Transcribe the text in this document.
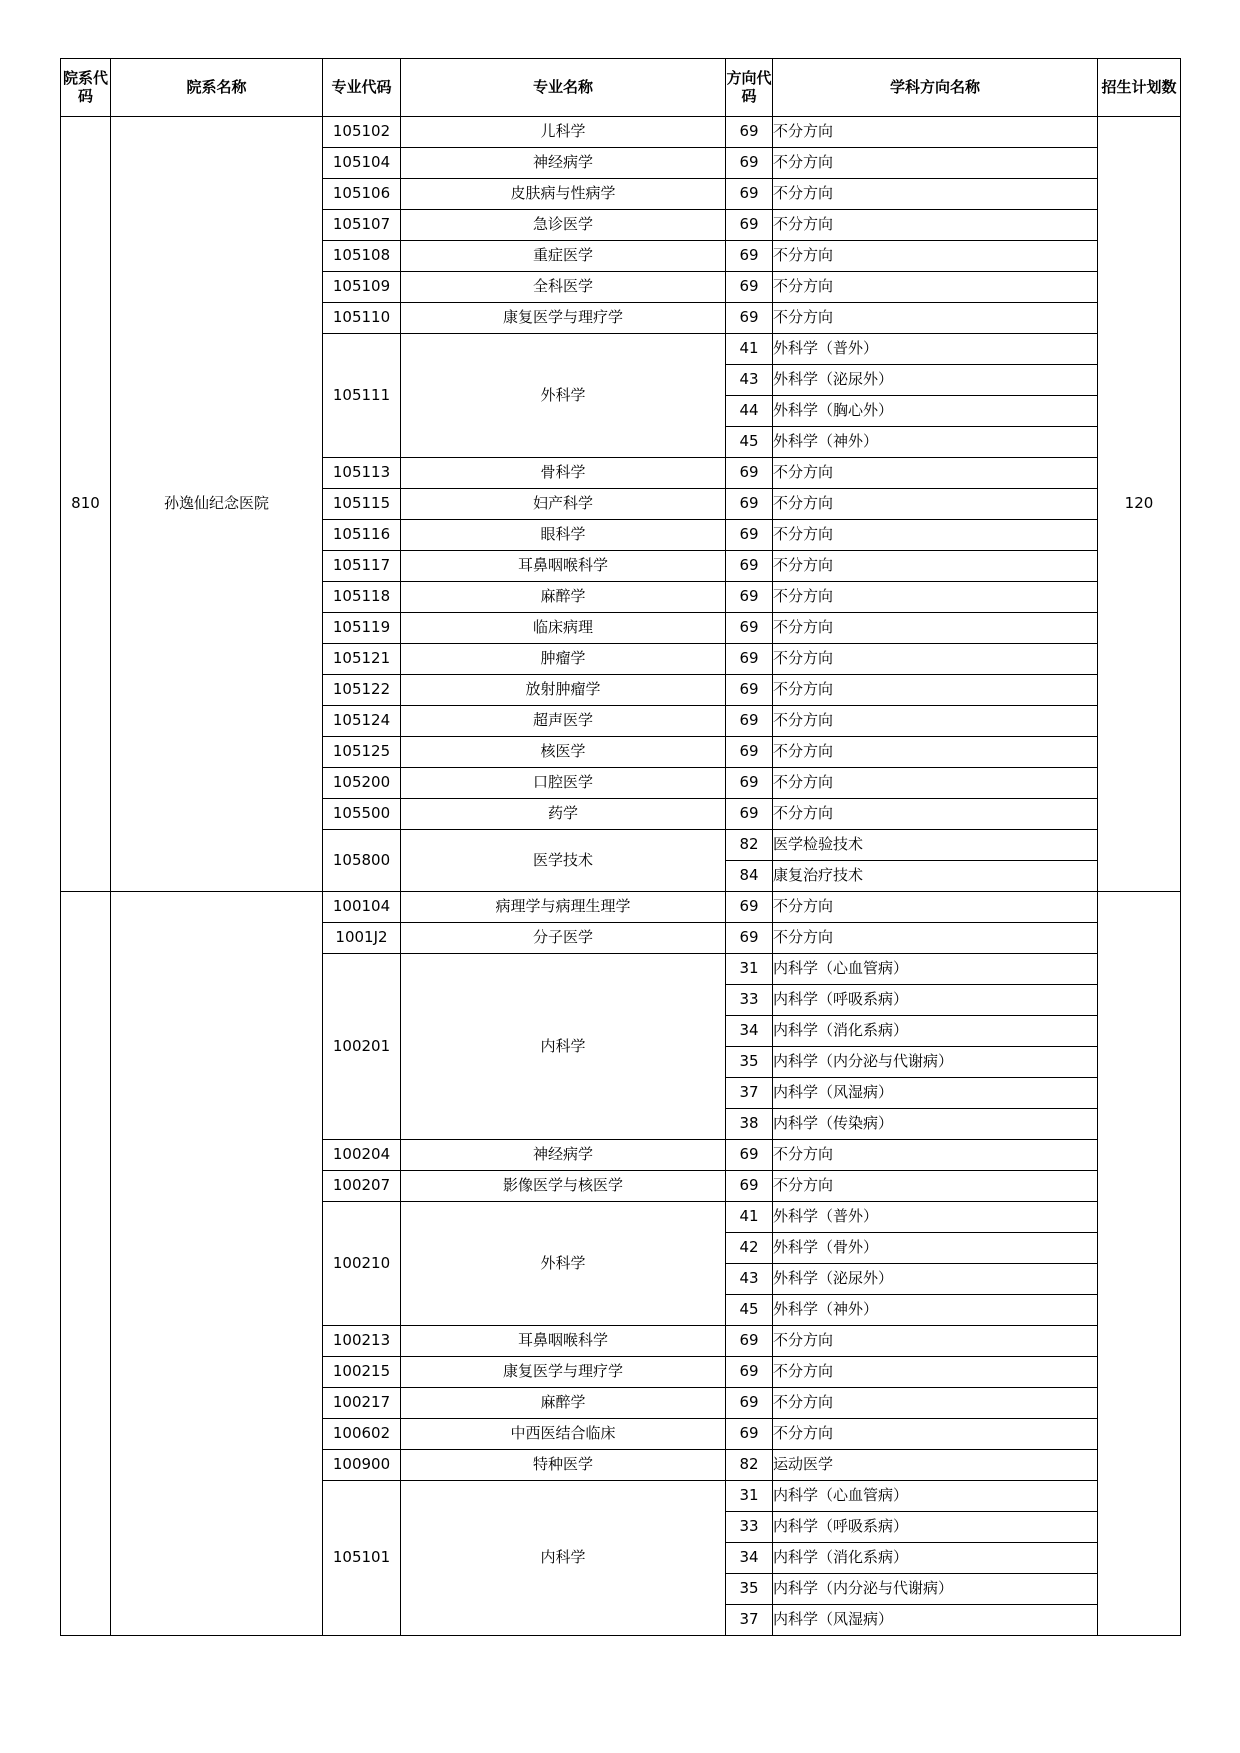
院系代码	院系名称	专业代码	专业名称	方向代码	学科方向名称	招生计划数
810	孙逸仙纪念医院	105102	儿科学	69	不分方向	120
		105104	神经病学	69	不分方向	
		105106	皮肤病与性病学	69	不分方向	
		105107	急诊医学	69	不分方向	
		105108	重症医学	69	不分方向	
		105109	全科医学	69	不分方向	
		105110	康复医学与理疗学	69	不分方向	
		105111	外科学	41	外科学（普外）	
				43	外科学（泌尿外）	
				44	外科学（胸心外）	
				45	外科学（神外）	
		105113	骨科学	69	不分方向	
		105115	妇产科学	69	不分方向	
		105116	眼科学	69	不分方向	
		105117	耳鼻咽喉科学	69	不分方向	
		105118	麻醉学	69	不分方向	
		105119	临床病理	69	不分方向	
		105121	肿瘤学	69	不分方向	
		105122	放射肿瘤学	69	不分方向	
		105124	超声医学	69	不分方向	
		105125	核医学	69	不分方向	
		105200	口腔医学	69	不分方向	
		105500	药学	69	不分方向	
		105800	医学技术	82	医学检验技术	
				84	康复治疗技术	
		100104	病理学与病理生理学	69	不分方向	
		1001J2	分子医学	69	不分方向	
		100201	内科学	31	内科学（心血管病）	
				33	内科学（呼吸系病）	
				34	内科学（消化系病）	
				35	内科学（内分泌与代谢病）	
				37	内科学（风湿病）	
				38	内科学（传染病）	
		100204	神经病学	69	不分方向	
		100207	影像医学与核医学	69	不分方向	
		100210	外科学	41	外科学（普外）	
				42	外科学（骨外）	
				43	外科学（泌尿外）	
				45	外科学（神外）	
		100213	耳鼻咽喉科学	69	不分方向	
		100215	康复医学与理疗学	69	不分方向	
		100217	麻醉学	69	不分方向	
		100602	中西医结合临床	69	不分方向	
		100900	特种医学	82	运动医学	
		105101	内科学	31	内科学（心血管病）	
				33	内科学（呼吸系病）	
				34	内科学（消化系病）	
				35	内科学（内分泌与代谢病）	
				37	内科学（风湿病）	
